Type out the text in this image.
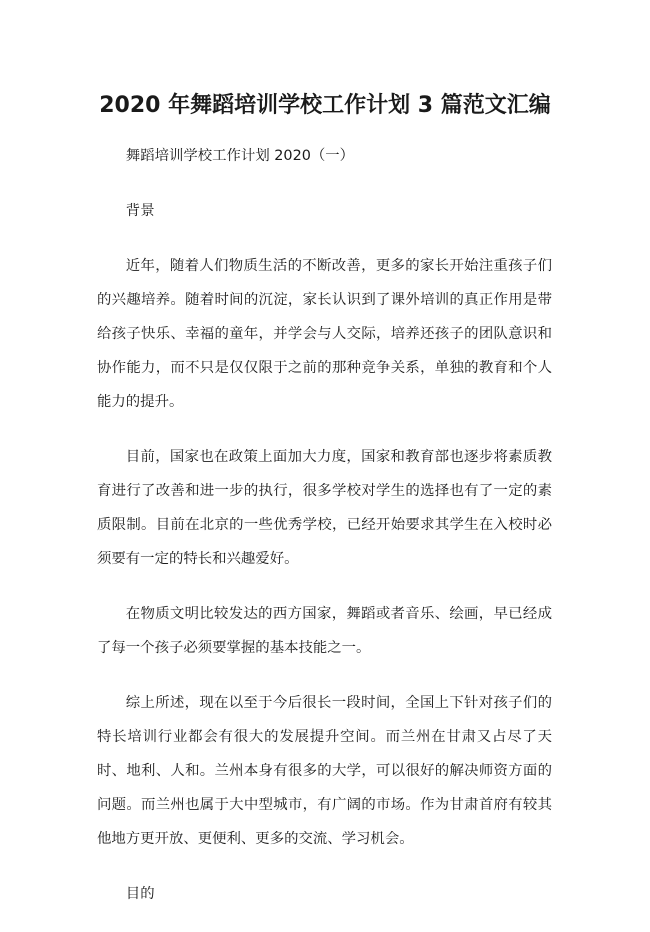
2020 年舞蹈培训学校工作计划 3 篇范文汇编

舞蹈培训学校工作计划 2020（一）

背景

近年，随着人们物质生活的不断改善，更多的家长开始注重孩子们的兴趣培养。随着时间的沉淀，家长认识到了课外培训的真正作用是带给孩子快乐、幸福的童年，并学会与人交际，培养还孩子的团队意识和协作能力，而不只是仅仅限于之前的那种竞争关系，单独的教育和个人能力的提升。

目前，国家也在政策上面加大力度，国家和教育部也逐步将素质教育进行了改善和进一步的执行，很多学校对学生的选择也有了一定的素质限制。目前在北京的一些优秀学校，已经开始要求其学生在入校时必须要有一定的特长和兴趣爱好。

在物质文明比较发达的西方国家，舞蹈或者音乐、绘画，早已经成了每一个孩子必须要掌握的基本技能之一。

综上所述，现在以至于今后很长一段时间，全国上下针对孩子们的特长培训行业都会有很大的发展提升空间。而兰州在甘肃又占尽了天时、地利、人和。兰州本身有很多的大学，可以很好的解决师资方面的问题。而兰州也属于大中型城市，有广阔的市场。作为甘肃首府有较其他地方更开放、更便利、更多的交流、学习机会。

目的
